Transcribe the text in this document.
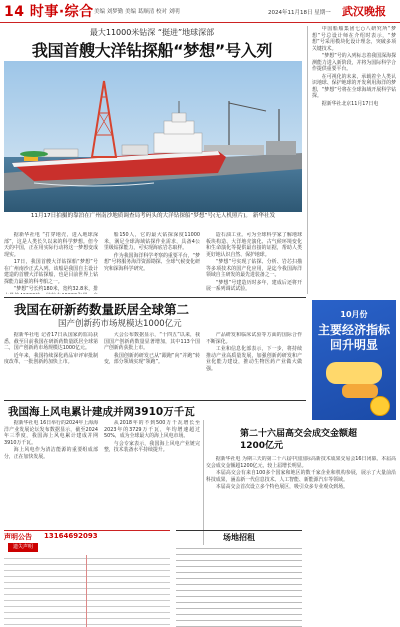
14 时事·综合 美编 刘梦勤 美编 葛顺清 校对 刘明	2024年11月18日 星期一 武汉晚报
最大11000米钻深 “挺进”地球深部
我国首艘大洋钻探船“梦想”号入列
11月17日拍摄的靠泊在广州南沙地质调查局考码头的大洋钻探船“梦想”号(无人机照片)。 新华社发

据新华社电 “打穿地壳，进入地球深部”，这是人类长久以来的科学梦想。但今天的中国，正在用实际行动将这一梦想变成现实。

17日，我国首艘大洋钻探船“梦想”号在广州南沙正式入列。该船是我国自主设计建造的首艘大洋钻探船，也是目前世界上钻探能力最强的科考船之一。

“梦想”号长约180米，宽约32.8米，排

船150人，它的最大钻探深度11000米，满足全球海域钻探作业需求，具备4公里级钻探能力，可实现海底岩芯取样。

作为我国海洋科学考察的重要平台，“梦想”号将服务海洋资源勘探、全球气候变化研究和深海科学研究。

造石油工业。可为全球科学家了解地球板块构造、大洋地壳演化、古气候环境变化和生命演化等提供最直接的证据，帮助人类更好地认识自然、保护地球。

“梦想”号实现了钻探、分析、岩芯扫描等多项技术的国产化应用，是迄今我国海洋领域自主研发的最先进装备之一。

“梦想”号建造历时多年，建成后还将开展一系列调试试验。

中国船舶集团七○八研究所“梦想”号总设计师在介绍时表示，“梦想”号采用模块化设计理念，突破多项关键技术。

“梦想”号的入列标志着我国深海探测能力进入新阶段，并将为国际科学合作提供重要平台。

在可视化的未来，承载着全人类认识地球、保护地球的开发利用海洋的梦想，“梦想”号将在全球海域开展科学钻探。

据新华社北京11月17日电

我国在研新药数量跃居全球第二
国产创新药市场规模达1000亿元

据新华社电 记者17日从国家药监局获悉，截至目前我国在研新药数量跃居全球第二，国产创新药市场规模达1000亿元。

近年来，我国持续深化药品审评审批制度改革，一批创新药加快上市。

大会公布数据显示，“十四五”以来，我国国产创新药数量显著增加，其中113个国产创新药获批上市。

我国创新药研发已从“跟跑”向“并跑”转变，部分领域实现“领跑”。

产品研发和临床试验等方面的国际合作不断深化。

工业和信息化部表示，下一步，将持续推动产业高质量发展，加强创新药研发和产业化能力建设，推动生物医药产业做大做强。

10月份
主要经济指标
回升明显
我国海上风电累计建成并网3910万千瓦

据新华社电 16日举行的2024年上海海洋产业发展论坛发布数据显示，截至2024年三季度，我国海上风电累计建成并网3910万千瓦。

海上风电作为清洁能源的重要组成部分，正在加快发展。

从2018年的不到500万千瓦增长至2023年的3729万千瓦，年均增速超过50%，成为全球最大的海上风电市场。

与会专家表示，我国海上风电产业链完整，技术装备水平持续提升。

第二十六届高交会成交金额超1200亿元

据新华社电 为期三天的第二十六届中国国际高新技术成果交易会16日闭幕。本届高交会成交金额超1200亿元，较上届增长明显。

本届高交会有来自100多个国家和地区的数千家企业和机构参展，展示了大量前沿科技成果，涵盖新一代信息技术、人工智能、新能源汽车等领域。

本届高交会首次设立多个特色展区，吸引众多专业观众到场。

声明公告 13164692093
遗失声明
场地招租
